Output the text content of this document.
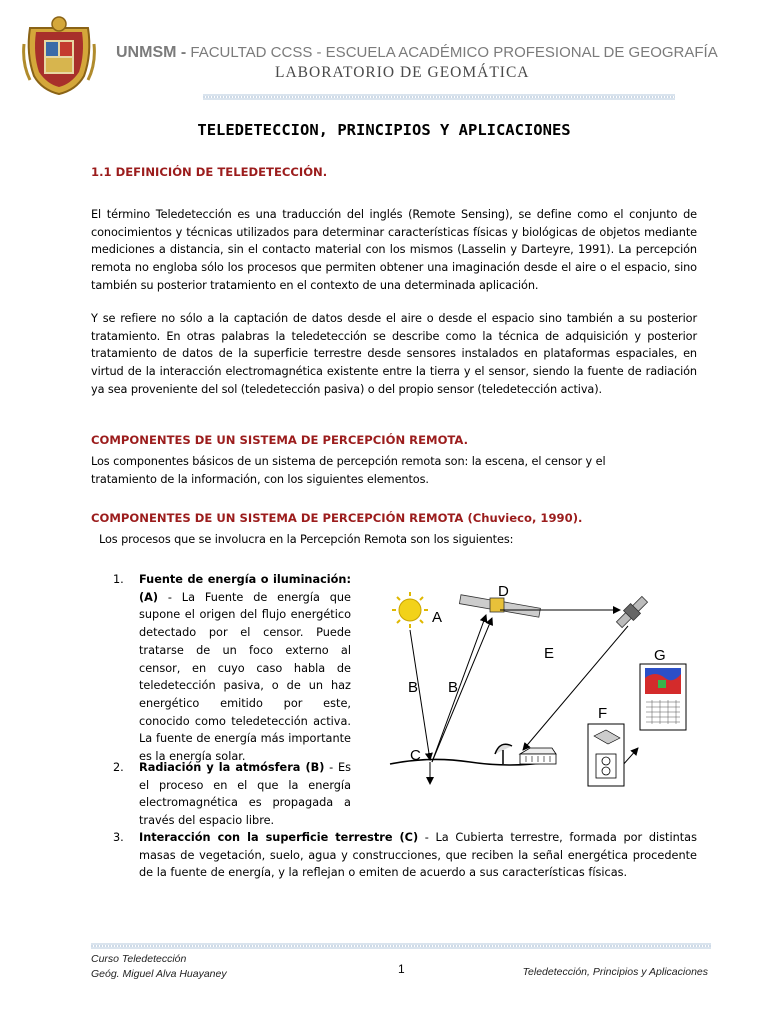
UNMSM - FACULTAD CCSS - ESCUELA ACADÉMICO PROFESIONAL DE GEOGRAFÍA
LABORATORIO DE GEOMÁTICA
TELEDETECCION, PRINCIPIOS Y APLICACIONES
1.1 DEFINICIÓN DE TELEDETECCIÓN.
El término Teledetección es una traducción del inglés (Remote Sensing), se define como el conjunto de conocimientos y técnicas utilizados para determinar características físicas y biológicas de objetos mediante mediciones a distancia, sin el contacto material con los mismos (Lasselin y Darteyre, 1991). La percepción remota no engloba sólo los procesos que permiten obtener una imaginación desde el aire o el espacio, sino también su posterior tratamiento en el contexto de una determinada aplicación.
Y se refiere no sólo a la captación de datos desde el aire o desde el espacio sino también a su posterior tratamiento. En otras palabras la teledetección se describe como la técnica de adquisición y posterior tratamiento de datos de la superficie terrestre desde sensores instalados en plataformas espaciales, en virtud de la interacción electromagnética existente entre la tierra y el sensor, siendo la fuente de radiación ya sea proveniente del sol (teledetección pasiva) o del propio sensor (teledetección activa).
COMPONENTES DE UN SISTEMA DE PERCEPCIÓN REMOTA.
Los componentes básicos de un sistema de percepción remota son: la escena, el censor y el tratamiento de la información, con los siguientes elementos.
COMPONENTES DE UN SISTEMA DE PERCEPCIÓN REMOTA (Chuvieco, 1990).
Los procesos que se involucra en la Percepción Remota son los siguientes:
1. Fuente de energía o iluminación: (A) - La Fuente de energía que supone el origen del flujo energético detectado por el censor. Puede tratarse de un foco externo al censor, en cuyo caso habla de teledetección pasiva, o de un haz energético emitido por este, conocido como teledetección activa. La fuente de energía más importante es la energía solar.
2. Radiación y la atmósfera (B) - Es el proceso en el que la energía electromagnética es propagada a través del espacio libre.
3. Interacción con la superficie terrestre (C) - La Cubierta terrestre, formada por distintas masas de vegetación, suelo, agua y construcciones, que reciben la señal energética procedente de la fuente de energía, y la reflejan o emiten de acuerdo a sus características físicas.
A
B B
C
D
E
F
G
Curso Teledetección
Geóg. Miguel Alva Huayaney	1	Teledetección, Principios y Aplicaciones
